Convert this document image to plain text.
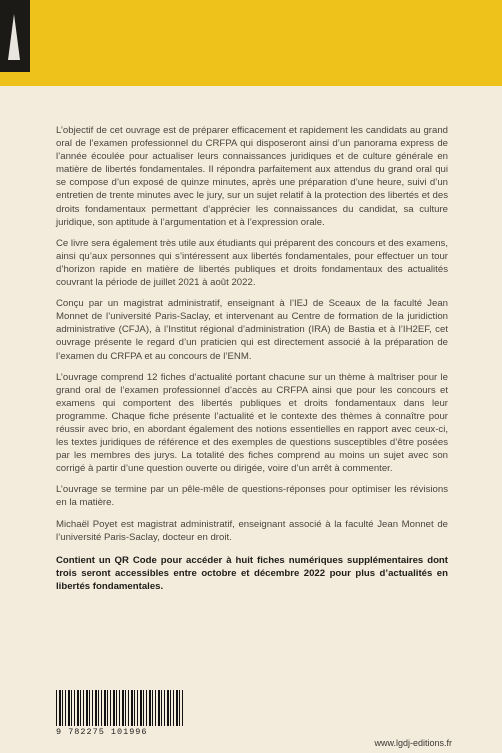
L’objectif de cet ouvrage est de préparer efficacement et rapidement les candidats au grand oral de l’examen professionnel du CRFPA qui disposeront ainsi d’un panorama express de l’année écoulée pour actualiser leurs connaissances juridiques et de culture générale en matière de libertés fondamentales. Il répondra parfaitement aux attendus du grand oral qui se compose d’un exposé de quinze minutes, après une préparation d’une heure, suivi d’un entretien de trente minutes avec le jury, sur un sujet relatif à la protection des libertés et des droits fondamentaux permettant d’apprécier les connaissances du candidat, sa culture juridique, son aptitude à l’argumentation et à l’expression orale.

Ce livre sera également très utile aux étudiants qui préparent des concours et des examens, ainsi qu’aux personnes qui s’intéressent aux libertés fondamentales, pour effectuer un tour d’horizon rapide en matière de libertés publiques et droits fondamentaux des actualités couvrant la période de juillet 2021 à août 2022.

Conçu par un magistrat administratif, enseignant à l’IEJ de Sceaux de la faculté Jean Monnet de l’université Paris-Saclay, et intervenant au Centre de formation de la juridiction administrative (CFJA), à l’Institut régional d’administration (IRA) de Bastia et à l’IH2EF, cet ouvrage présente le regard d’un praticien qui est directement associé à la préparation de l’examen du CRFPA et au concours de l’ENM.

L’ouvrage comprend 12 fiches d’actualité portant chacune sur un thème à maîtriser pour le grand oral de l’examen professionnel d’accès au CRFPA ainsi que pour les concours et examens qui comportent des libertés publiques et droits fondamentaux dans leur programme. Chaque fiche présente l’actualité et le contexte des thèmes à connaître pour réussir avec brio, en abordant également des notions essentielles en rapport avec ceux-ci, les textes juridiques de référence et des exemples de questions susceptibles d’être posées par les membres des jurys. La totalité des fiches comprend au moins un sujet avec son corrigé à partir d’une question ouverte ou dirigée, voire d’un arrêt à commenter.

L’ouvrage se termine par un pêle-mêle de questions-réponses pour optimiser les révisions en la matière.

Michaël Poyet est magistrat administratif, enseignant associé à la faculté Jean Monnet de l’université Paris-Saclay, docteur en droit.

Contient un QR Code pour accéder à huit fiches numériques supplémentaires dont trois seront accessibles entre octobre et décembre 2022 pour plus d’actualités en libertés fondamentales.

9 782275 101996
www.lgdj-editions.fr
